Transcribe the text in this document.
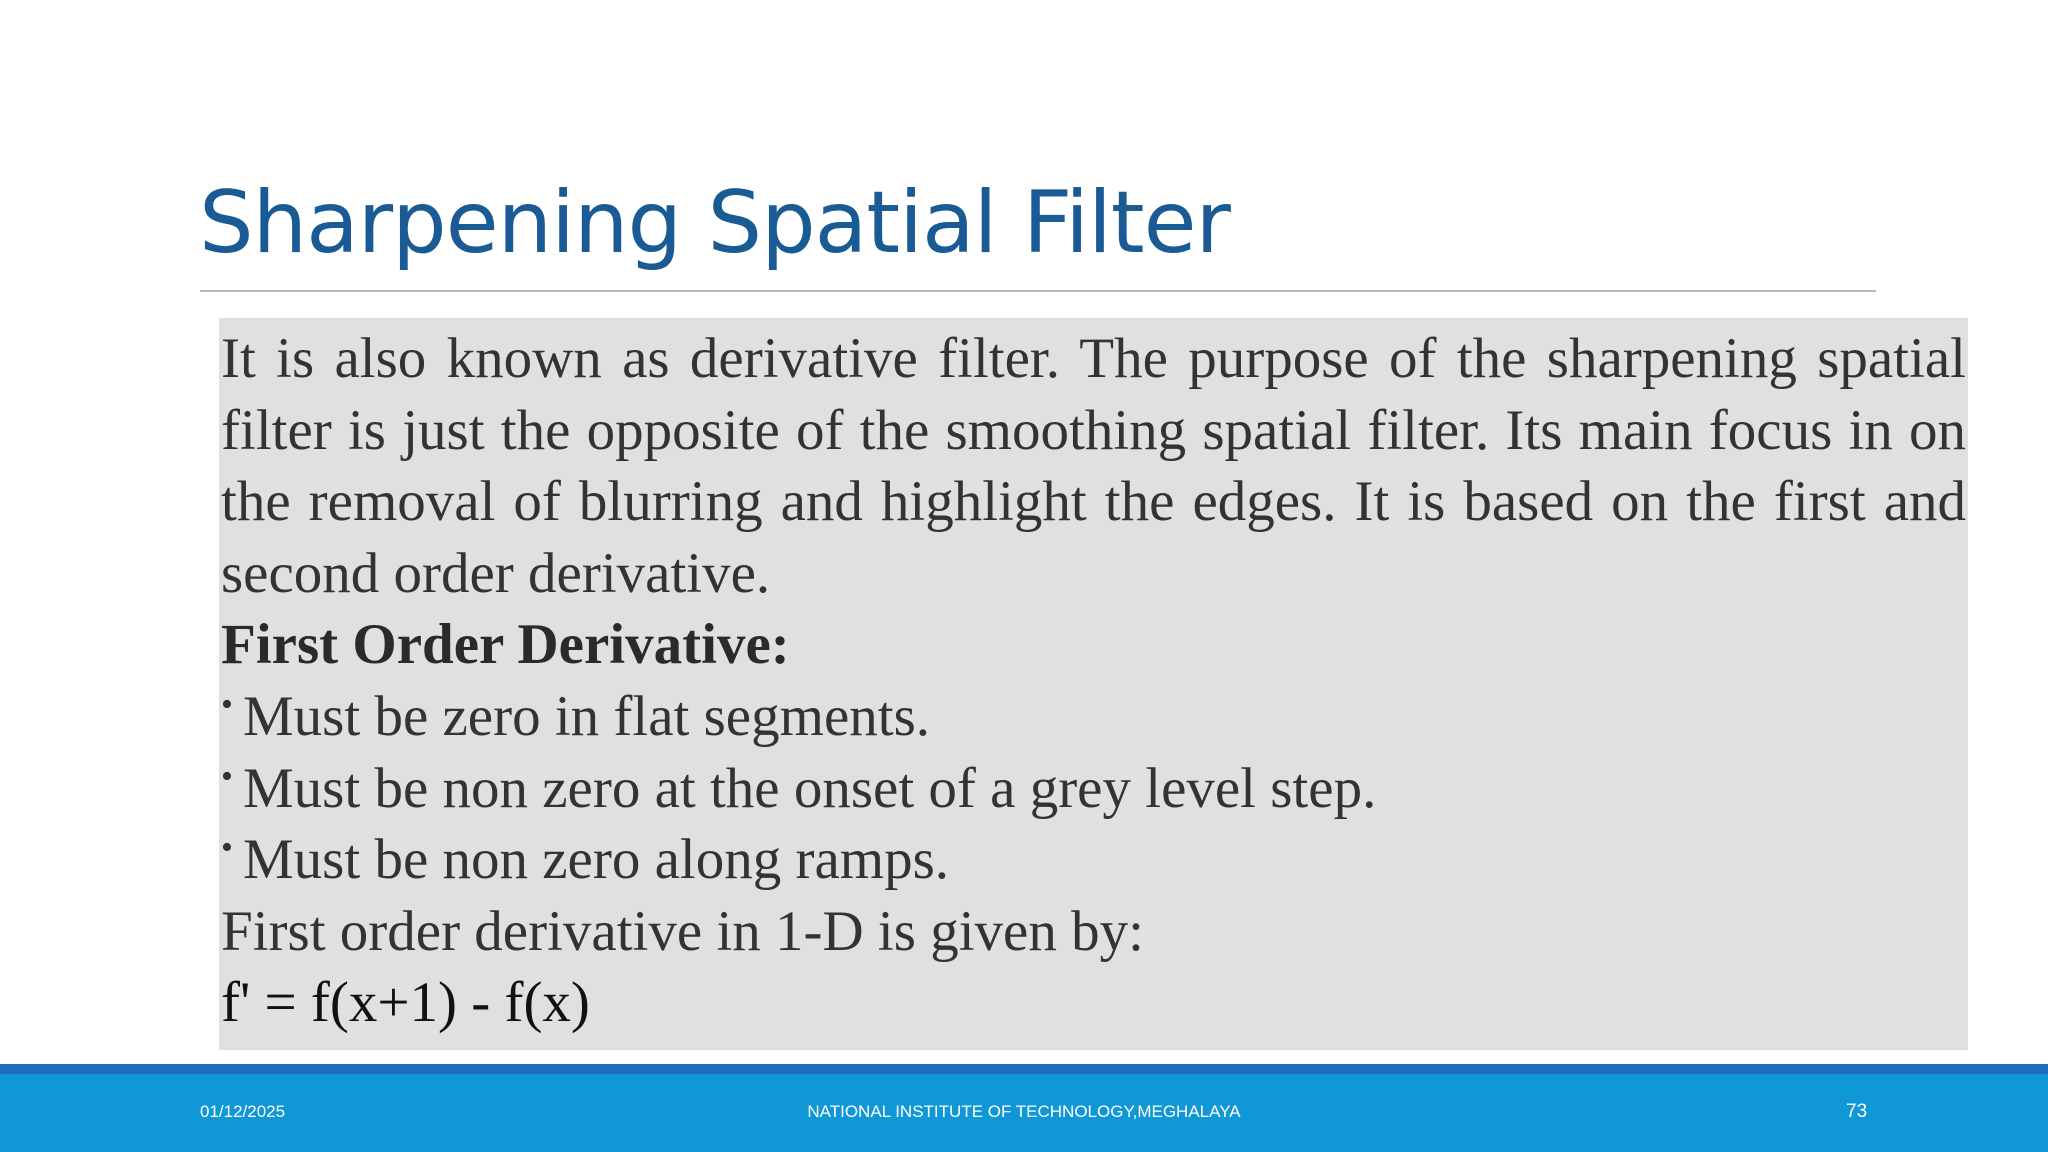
Sharpening Spatial Filter

It is also known as derivative filter. The purpose of the sharpening spatial filter is just the opposite of the smoothing spatial filter. Its main focus in on the removal of blurring and highlight the edges. It is based on the first and second order derivative.

First Order Derivative:

• Must be zero in flat segments.
• Must be non zero at the onset of a grey level step.
• Must be non zero along ramps.

First order derivative in 1-D is given by:

f' = f(x+1) - f(x)

01/12/2025	NATIONAL INSTITUTE OF TECHNOLOGY,MEGHALAYA	73
